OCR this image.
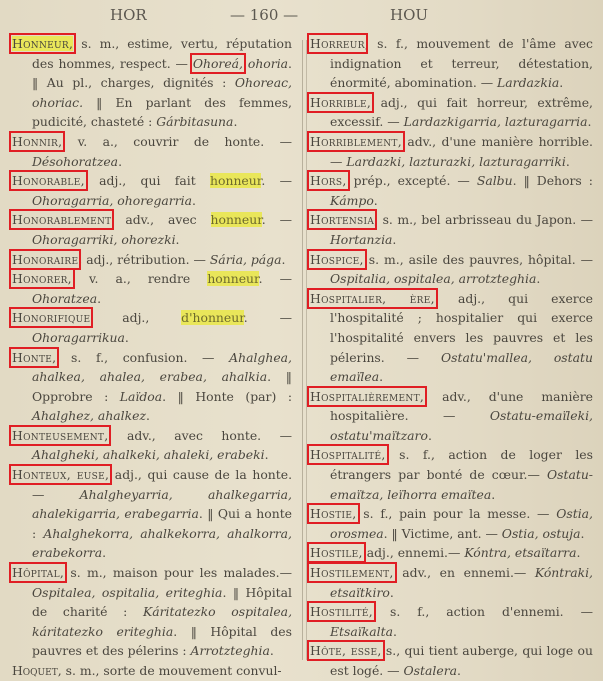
HOR	— 160 —	HOU

Honneur, s. m., estime, vertu, réputation des hommes, respect. — Ohoreá, ohoria. ‖ Au pl., charges, dignités : Ohoreac, ohoriac. ‖ En parlant des femmes, pudicité, chasteté : Gárbitasuna.

Honnir, v. a., couvrir de honte. — Désohoratzea.

Honorable, adj., qui fait honneur. — Ohoragarria, ohoregarria.

Honorablement adv., avec honneur. — Ohoragarriki, ohorezki.

Honoraire, adj., rétribution. — Sária, pága.

Honorer, v. a., rendre honneur. — Ohoratzea.

Honorifique adj., d'honneur. — Ohoragarrikua.

Honte, s. f., confusion. — Ahalghea, ahalkea, ahalea, erabea, ahalkia. ‖ Opprobre : Laïdoa. ‖ Honte (par) : Ahalghez, ahalkez.

Honteusement, adv., avec honte. — Ahalgheki, ahalkeki, ahaleki, erabeki.

Honteux, euse, adj., qui cause de la honte. — Ahalgheyarria, ahalkegarria, ahalekigarria, erabegarria. ‖ Qui a honte : Ahalghekorra, ahalkekorra, ahalkorra, erabekorra.

Hôpital, s. m., maison pour les malades.— Ospitalea, ospitalia, eriteghia. ‖ Hôpital de charité : Káritatezko ospitalea, káritatezko eriteghia. ‖ Hôpital des pauvres et des pélerins : Arrotzteghia.

Hoquet, s. m., sorte de mouvement convul-

Horreur, s. f., mouvement de l'âme avec indignation et terreur, détestation, énormité, abomination. — Lardazkia.

Horrible, adj., qui fait horreur, extrême, excessif. — Lardazkigarria, lazturagarria.

Horriblement, adv., d'une manière horrible. — Lardazki, lazturazki, lazturagarriki.

Hors, prép., excepté. — Salbu. ‖ Dehors : Kámpo.

Hortensia, s. m., bel arbrisseau du Japon. — Hortanzia.

Hospice, s. m., asile des pauvres, hôpital. — Ospitalia, ospitalea, arrotzteghia.

Hospitalier, ère, adj., qui exerce l'hospitalité ; hospitalier qui exerce l'hospitalité envers les pauvres et les pélerins. — Ostatu'mallea, ostatu emaïlea.

Hospitalièrement, adv., d'une manière hospitalière. — Ostatu-emaïleki, ostatu'maïtzaro.

Hospitalité, s. f., action de loger les étrangers par bonté de cœur.— Ostatu-emaïtza, leïhorra emaïtea.

Hostie, s. f., pain pour la messe. — Ostia, orosmea. ‖ Victime, ant. — Ostia, ostuja.

Hostile, adj., ennemi.— Kóntra, etsaïtarra.

Hostilement, adv., en ennemi.— Kóntraki, etsaïtkiro.

Hostilité, s. f., action d'ennemi. — Etsaïkalta.

Hôte, esse, s., qui tient auberge, qui loge ou est logé. — Ostalera.
